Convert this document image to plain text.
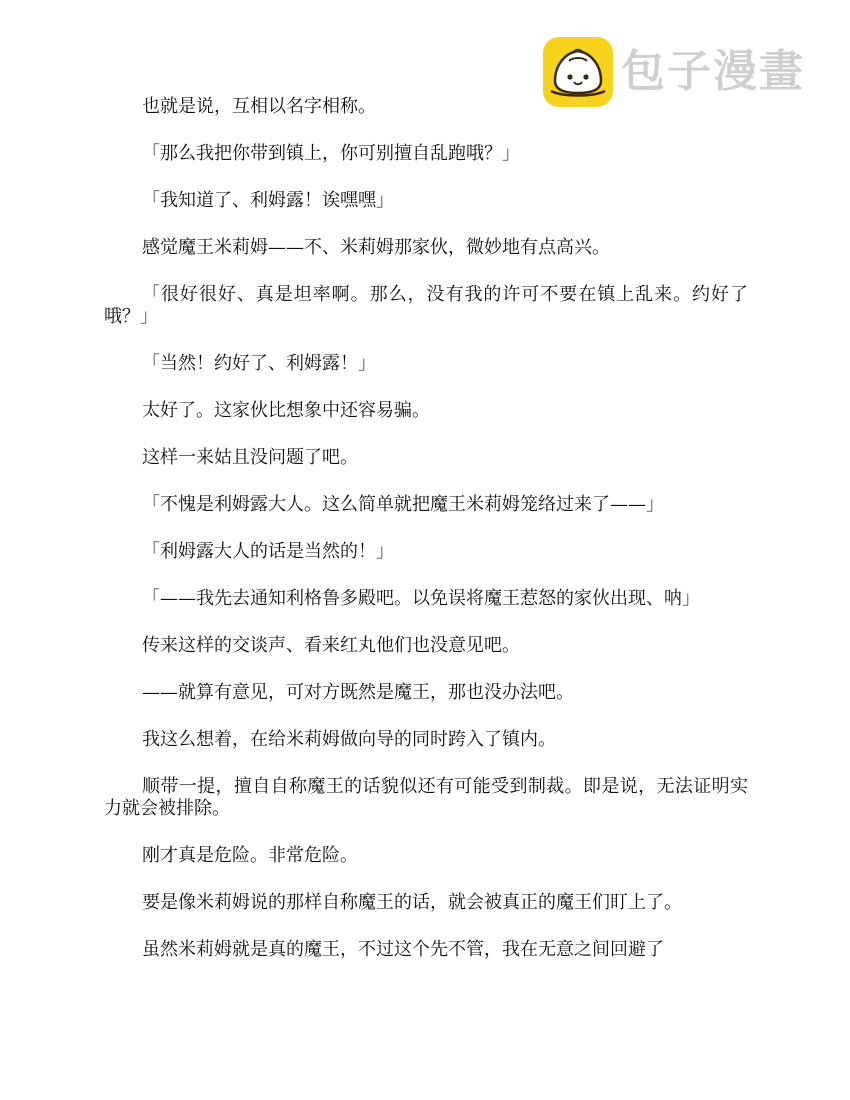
包子漫畫

也就是说，互相以名字相称。

「那么我把你带到镇上，你可别擅自乱跑哦？」

「我知道了、利姆露！诶嘿嘿」

感觉魔王米莉姆——不、米莉姆那家伙，微妙地有点高兴。

「很好很好、真是坦率啊。那么，没有我的许可不要在镇上乱来。约好了哦？」

「当然！约好了、利姆露！」

太好了。这家伙比想象中还容易骗。

这样一来姑且没问题了吧。

「不愧是利姆露大人。这么简单就把魔王米莉姆笼络过来了——」

「利姆露大人的话是当然的！」

「——我先去通知利格鲁多殿吧。以免误将魔王惹怒的家伙出现、呐」

传来这样的交谈声、看来红丸他们也没意见吧。

——就算有意见，可对方既然是魔王，那也没办法吧。

我这么想着，在给米莉姆做向导的同时跨入了镇内。

顺带一提，擅自自称魔王的话貌似还有可能受到制裁。即是说，无法证明实力就会被排除。

刚才真是危险。非常危险。

要是像米莉姆说的那样自称魔王的话，就会被真正的魔王们盯上了。

虽然米莉姆就是真的魔王，不过这个先不管，我在无意之间回避了
